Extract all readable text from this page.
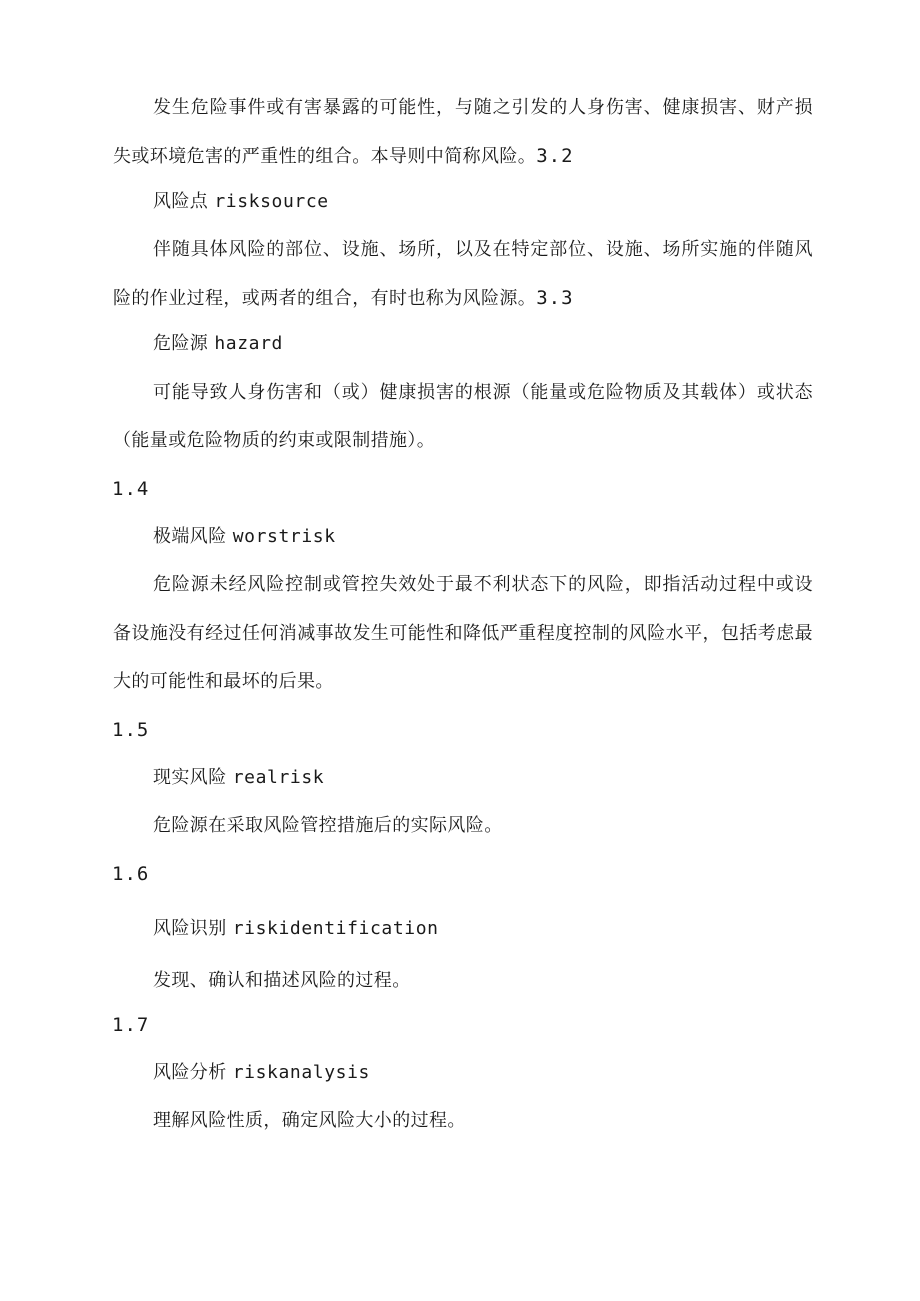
发生危险事件或有害暴露的可能性，与随之引发的人身伤害、健康损害、财产损
失或环境危害的严重性的组合。本导则中简称风险。3.2
风险点 risksource
伴随具体风险的部位、设施、场所，以及在特定部位、设施、场所实施的伴随风
险的作业过程，或两者的组合，有时也称为风险源。3.3
危险源 hazard
可能导致人身伤害和（或）健康损害的根源（能量或危险物质及其载体）或状态
（能量或危险物质的约束或限制措施）。
1.4
极端风险 worstrisk
危险源未经风险控制或管控失效处于最不利状态下的风险，即指活动过程中或设
备设施没有经过任何消减事故发生可能性和降低严重程度控制的风险水平，包括考虑最
大的可能性和最坏的后果。
1.5
现实风险 realrisk
危险源在采取风险管控措施后的实际风险。
1.6
风险识别 riskidentification
发现、确认和描述风险的过程。
1.7
风险分析 riskanalysis
理解风险性质，确定风险大小的过程。
